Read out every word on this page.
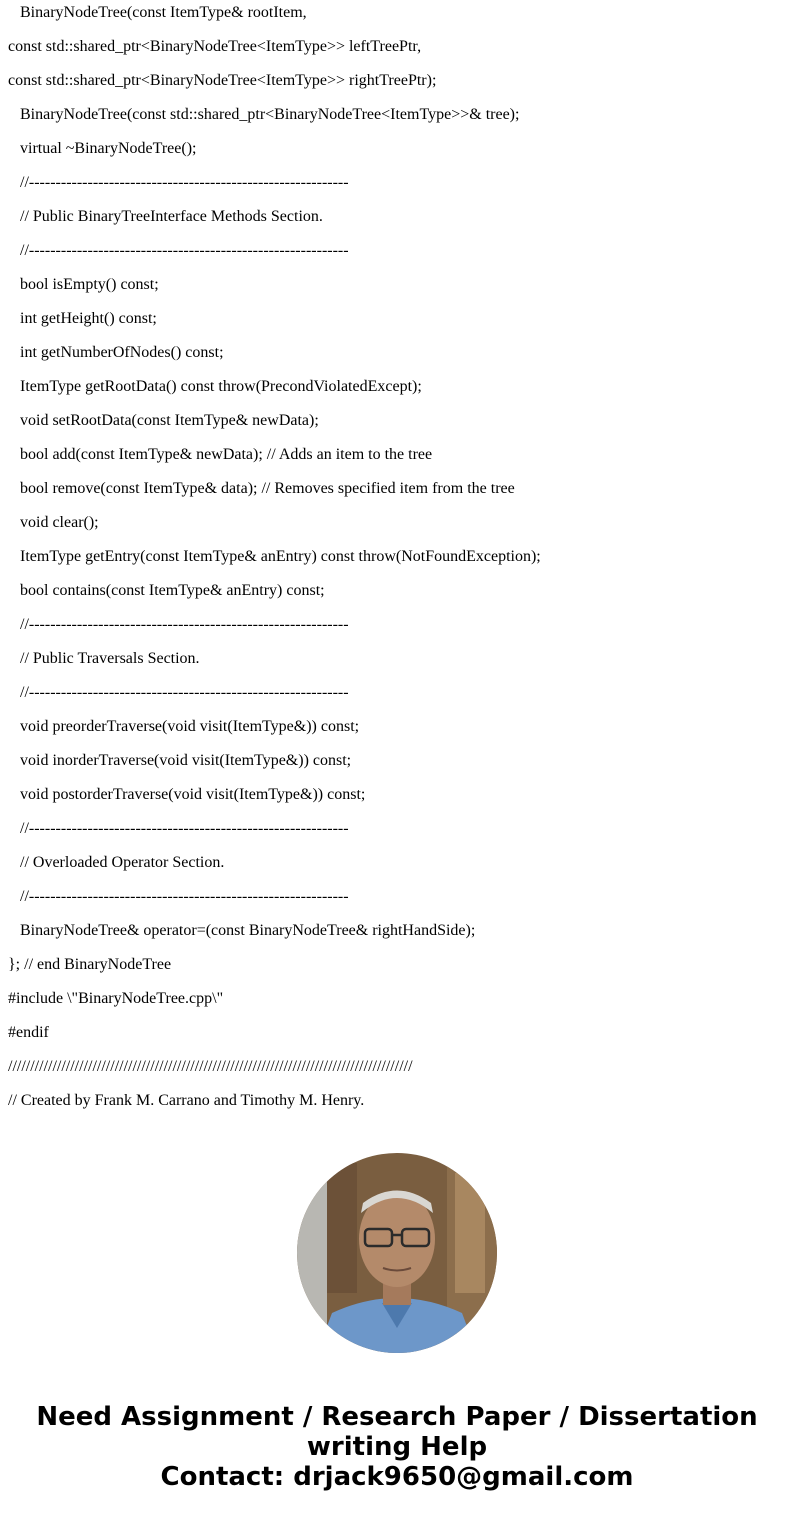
BinaryNodeTree(const ItemType& rootItem,
const std::shared_ptr<BinaryNodeTree<ItemType>> leftTreePtr,
const std::shared_ptr<BinaryNodeTree<ItemType>> rightTreePtr);
BinaryNodeTree(const std::shared_ptr<BinaryNodeTree<ItemType>>& tree);
virtual ~BinaryNodeTree();
//------------------------------------------------------------
// Public BinaryTreeInterface Methods Section.
//------------------------------------------------------------
bool isEmpty() const;
int getHeight() const;
int getNumberOfNodes() const;
ItemType getRootData() const throw(PrecondViolatedExcept);
void setRootData(const ItemType& newData);
bool add(const ItemType& newData); // Adds an item to the tree
bool remove(const ItemType& data); // Removes specified item from the tree
void clear();
ItemType getEntry(const ItemType& anEntry) const throw(NotFoundException);
bool contains(const ItemType& anEntry) const;
//------------------------------------------------------------
// Public Traversals Section.
//------------------------------------------------------------
void preorderTraverse(void visit(ItemType&)) const;
void inorderTraverse(void visit(ItemType&)) const;
void postorderTraverse(void visit(ItemType&)) const;
//------------------------------------------------------------
// Overloaded Operator Section.
//------------------------------------------------------------
BinaryNodeTree& operator=(const BinaryNodeTree& rightHandSide);
}; // end BinaryNodeTree
#include \"BinaryNodeTree.cpp\"
#endif
///////////////////////////////////////////////////////////////////////////////////////////
// Created by Frank M. Carrano and Timothy M. Henry.
Need Assignment / Research Paper / Dissertation
writing Help
Contact: drjack9650@gmail.com
